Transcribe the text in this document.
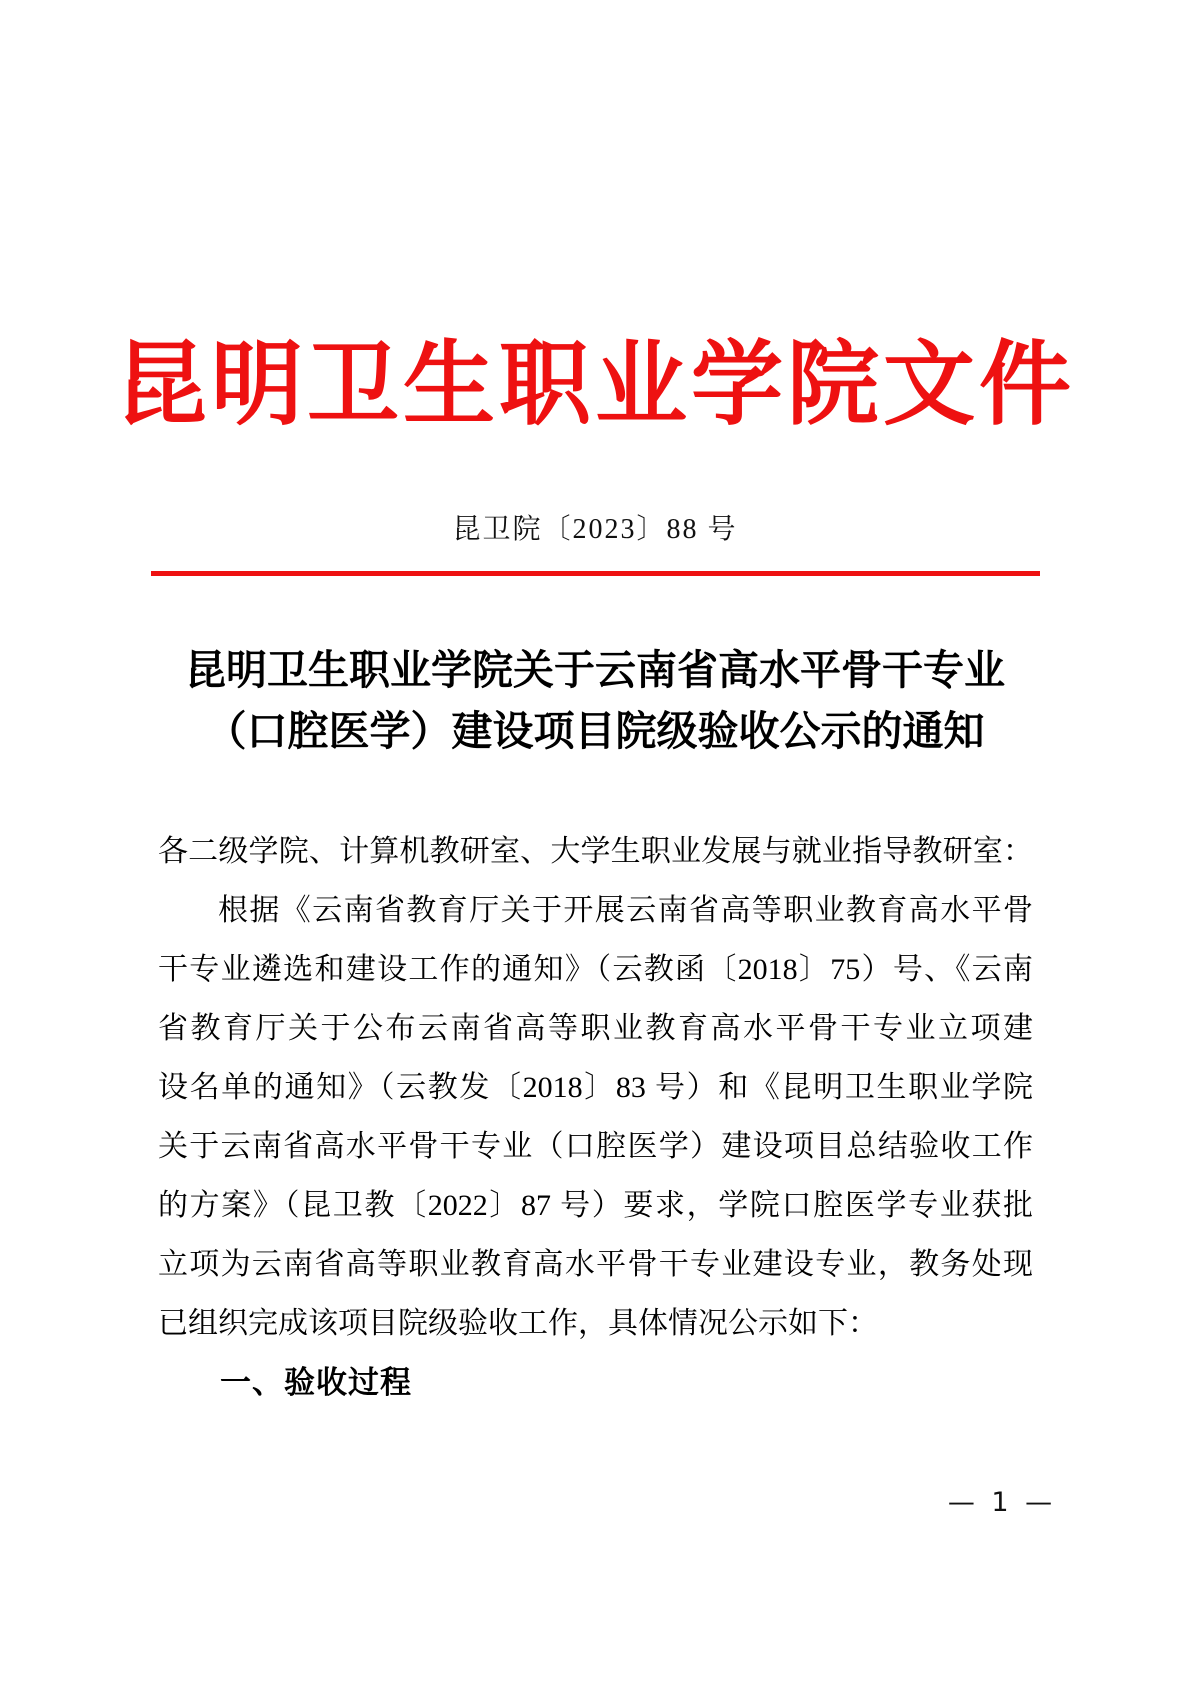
昆明卫生职业学院文件
昆卫院〔2023〕88 号
昆明卫生职业学院关于云南省高水平骨干专业
（口腔医学）建设项目院级验收公示的通知
各二级学院、计算机教研室、大学生职业发展与就业指导教研室：
根据《云南省教育厅关于开展云南省高等职业教育高水平骨
干专业遴选和建设工作的通知》（云教函〔2018〕75）号、《云南
省教育厅关于公布云南省高等职业教育高水平骨干专业立项建
设名单的通知》（云教发〔2018〕83 号）和《昆明卫生职业学院
关于云南省高水平骨干专业（口腔医学）建设项目总结验收工作
的方案》（昆卫教〔2022〕87 号）要求，学院口腔医学专业获批
立项为云南省高等职业教育高水平骨干专业建设专业，教务处现
已组织完成该项目院级验收工作，具体情况公示如下：
一、验收过程
— 1 —
